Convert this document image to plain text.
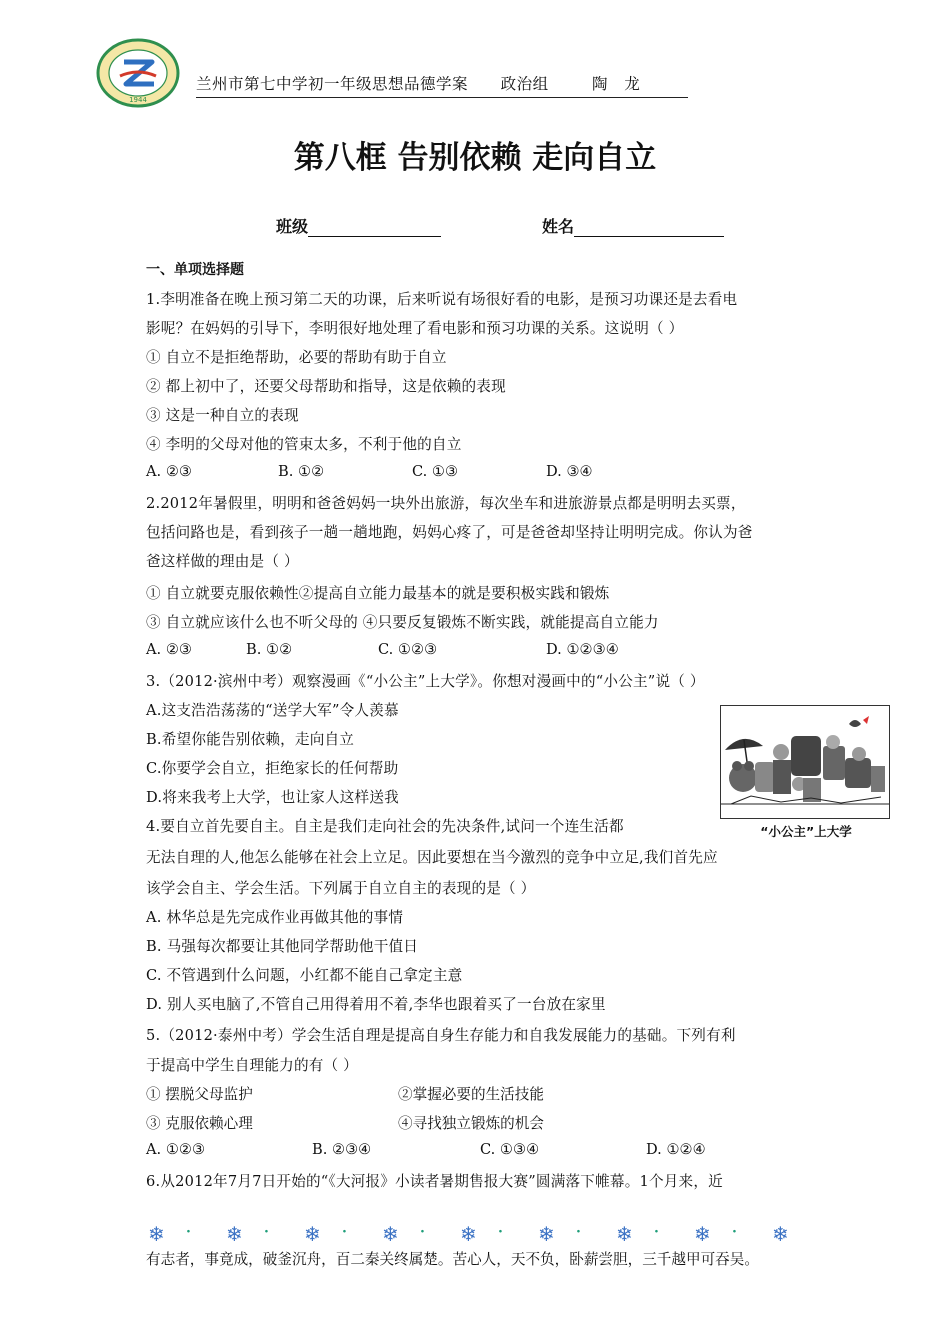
1944
兰州市第七中学初一年级思想品德学案      政治组        陶   龙
第八框 告别依赖 走向自立
班级	姓名
一、单项选择题
1.李明准备在晚上预习第二天的功课，后来听说有场很好看的电影，是预习功课还是去看电
影呢？在妈妈的引导下，李明很好地处理了看电影和预习功课的关系。这说明（ ）
① 自立不是拒绝帮助，必要的帮助有助于自立
② 都上初中了，还要父母帮助和指导，这是依赖的表现
③ 这是一种自立的表现
④ 李明的父母对他的管束太多，不利于他的自立
A. ②③	B. ①②	C. ①③	D. ③④
2.2012年暑假里，明明和爸爸妈妈一块外出旅游，每次坐车和进旅游景点都是明明去买票，
包括问路也是，看到孩子一趟一趟地跑，妈妈心疼了，可是爸爸却坚持让明明完成。你认为爸
爸这样做的理由是（ ）
① 自立就要克服依赖性②提高自立能力最基本的就是要积极实践和锻炼
③ 自立就应该什么也不听父母的 ④只要反复锻炼不断实践，就能提高自立能力
A. ②③	B. ①②	C. ①②③	D. ①②③④
3.（2012·滨州中考）观察漫画《“小公主”上大学》。你想对漫画中的“小公主”说（ ）
A.这支浩浩荡荡的“送学大军”令人羡慕
B.希望你能告别依赖，走向自立
C.你要学会自立，拒绝家长的任何帮助
D.将来我考上大学，也让家人这样送我
“小公主”上大学
4.要自立首先要自主。自主是我们走向社会的先决条件,试问一个连生活都
无法自理的人,他怎么能够在社会上立足。因此要想在当今激烈的竞争中立足,我们首先应
该学会自主、学会生活。下列属于自立自主的表现的是（ ）
A. 林华总是先完成作业再做其他的事情
B. 马强每次都要让其他同学帮助他干值日
C. 不管遇到什么问题，小红都不能自己拿定主意
D. 别人买电脑了,不管自己用得着用不着,李华也跟着买了一台放在家里
5.（2012·泰州中考）学会生活自理是提高自身生存能力和自我发展能力的基础。下列有利
于提高中学生自理能力的有（ ）
① 摆脱父母监护	②掌握必要的生活技能
③ 克服依赖心理	④寻找独立锻炼的机会
A. ①②③	B. ②③④	C. ①③④	D. ①②④
6.从2012年7月7日开始的“《大河报》小读者暑期售报大赛”圆满落下帷幕。1个月来，近
❄ · ❄ · ❄ · ❄ · ❄ · ❄ · ❄ · ❄ · ❄
有志者，事竟成，破釜沉舟，百二秦关终属楚。苦心人，天不负，卧薪尝胆，三千越甲可吞吴。
